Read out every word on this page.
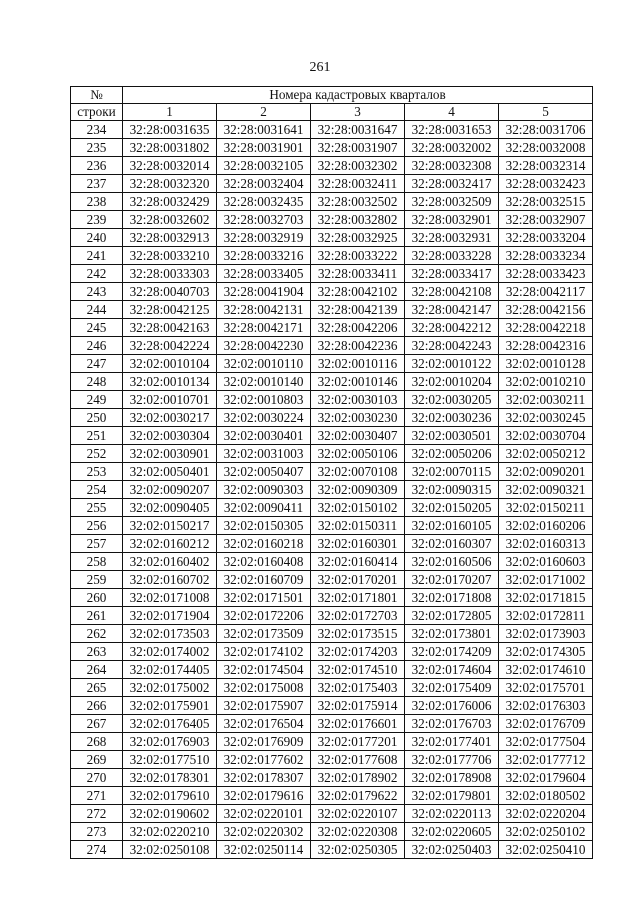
261
№	Номера кадастровых кварталов				
строки	1	2	3	4	5
234	32:28:0031635	32:28:0031641	32:28:0031647	32:28:0031653	32:28:0031706
235	32:28:0031802	32:28:0031901	32:28:0031907	32:28:0032002	32:28:0032008
236	32:28:0032014	32:28:0032105	32:28:0032302	32:28:0032308	32:28:0032314
237	32:28:0032320	32:28:0032404	32:28:0032411	32:28:0032417	32:28:0032423
238	32:28:0032429	32:28:0032435	32:28:0032502	32:28:0032509	32:28:0032515
239	32:28:0032602	32:28:0032703	32:28:0032802	32:28:0032901	32:28:0032907
240	32:28:0032913	32:28:0032919	32:28:0032925	32:28:0032931	32:28:0033204
241	32:28:0033210	32:28:0033216	32:28:0033222	32:28:0033228	32:28:0033234
242	32:28:0033303	32:28:0033405	32:28:0033411	32:28:0033417	32:28:0033423
243	32:28:0040703	32:28:0041904	32:28:0042102	32:28:0042108	32:28:0042117
244	32:28:0042125	32:28:0042131	32:28:0042139	32:28:0042147	32:28:0042156
245	32:28:0042163	32:28:0042171	32:28:0042206	32:28:0042212	32:28:0042218
246	32:28:0042224	32:28:0042230	32:28:0042236	32:28:0042243	32:28:0042316
247	32:02:0010104	32:02:0010110	32:02:0010116	32:02:0010122	32:02:0010128
248	32:02:0010134	32:02:0010140	32:02:0010146	32:02:0010204	32:02:0010210
249	32:02:0010701	32:02:0010803	32:02:0030103	32:02:0030205	32:02:0030211
250	32:02:0030217	32:02:0030224	32:02:0030230	32:02:0030236	32:02:0030245
251	32:02:0030304	32:02:0030401	32:02:0030407	32:02:0030501	32:02:0030704
252	32:02:0030901	32:02:0031003	32:02:0050106	32:02:0050206	32:02:0050212
253	32:02:0050401	32:02:0050407	32:02:0070108	32:02:0070115	32:02:0090201
254	32:02:0090207	32:02:0090303	32:02:0090309	32:02:0090315	32:02:0090321
255	32:02:0090405	32:02:0090411	32:02:0150102	32:02:0150205	32:02:0150211
256	32:02:0150217	32:02:0150305	32:02:0150311	32:02:0160105	32:02:0160206
257	32:02:0160212	32:02:0160218	32:02:0160301	32:02:0160307	32:02:0160313
258	32:02:0160402	32:02:0160408	32:02:0160414	32:02:0160506	32:02:0160603
259	32:02:0160702	32:02:0160709	32:02:0170201	32:02:0170207	32:02:0171002
260	32:02:0171008	32:02:0171501	32:02:0171801	32:02:0171808	32:02:0171815
261	32:02:0171904	32:02:0172206	32:02:0172703	32:02:0172805	32:02:0172811
262	32:02:0173503	32:02:0173509	32:02:0173515	32:02:0173801	32:02:0173903
263	32:02:0174002	32:02:0174102	32:02:0174203	32:02:0174209	32:02:0174305
264	32:02:0174405	32:02:0174504	32:02:0174510	32:02:0174604	32:02:0174610
265	32:02:0175002	32:02:0175008	32:02:0175403	32:02:0175409	32:02:0175701
266	32:02:0175901	32:02:0175907	32:02:0175914	32:02:0176006	32:02:0176303
267	32:02:0176405	32:02:0176504	32:02:0176601	32:02:0176703	32:02:0176709
268	32:02:0176903	32:02:0176909	32:02:0177201	32:02:0177401	32:02:0177504
269	32:02:0177510	32:02:0177602	32:02:0177608	32:02:0177706	32:02:0177712
270	32:02:0178301	32:02:0178307	32:02:0178902	32:02:0178908	32:02:0179604
271	32:02:0179610	32:02:0179616	32:02:0179622	32:02:0179801	32:02:0180502
272	32:02:0190602	32:02:0220101	32:02:0220107	32:02:0220113	32:02:0220204
273	32:02:0220210	32:02:0220302	32:02:0220308	32:02:0220605	32:02:0250102
274	32:02:0250108	32:02:0250114	32:02:0250305	32:02:0250403	32:02:0250410
